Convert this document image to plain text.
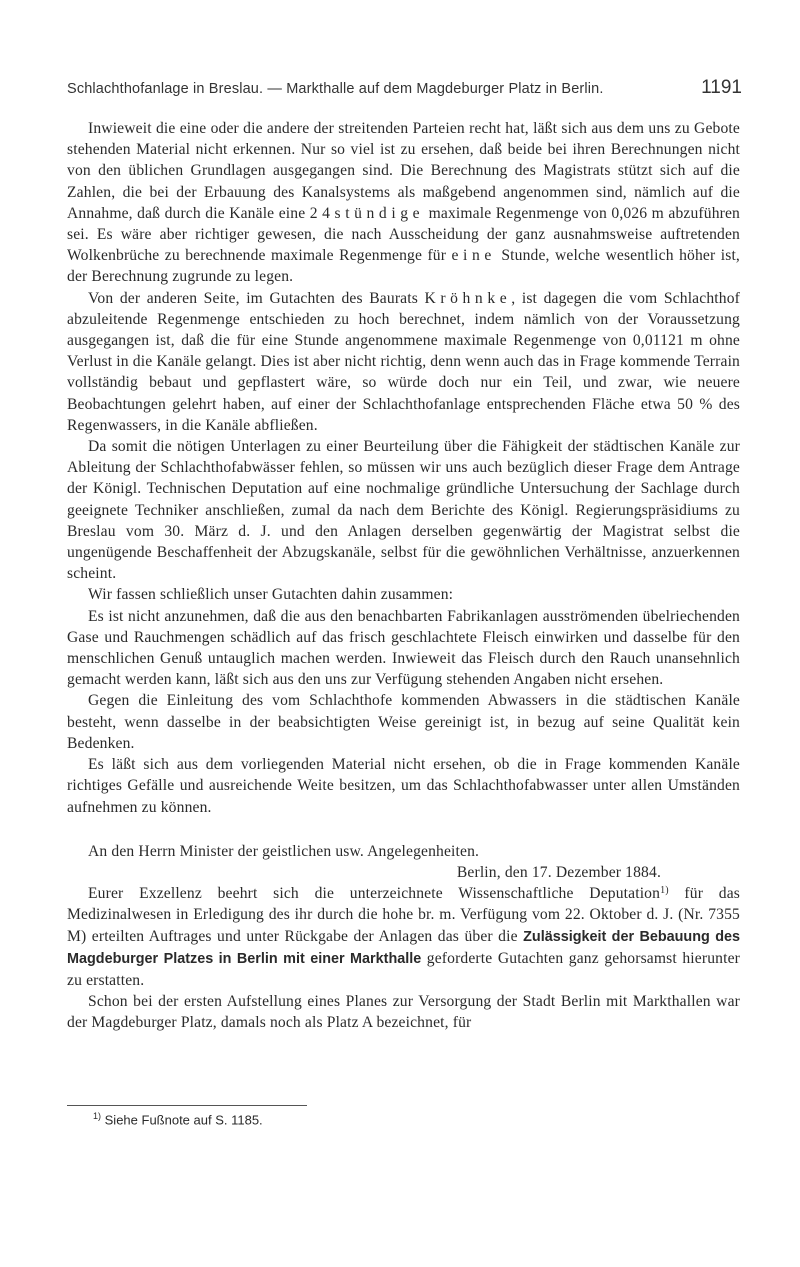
Schlachthofanlage in Breslau. — Markthalle auf dem Magdeburger Platz in Berlin.	1191

Inwieweit die eine oder die andere der streitenden Parteien recht hat, läßt sich aus dem uns zu Gebote stehenden Material nicht erkennen. Nur so viel ist zu ersehen, daß beide bei ihren Berechnungen nicht von den üblichen Grundlagen ausgegangen sind. Die Berechnung des Magistrats stützt sich auf die Zahlen, die bei der Erbauung des Kanalsystems als maßgebend angenommen sind, nämlich auf die Annahme, daß durch die Kanäle eine 24stündige maximale Regenmenge von 0,026 m abzuführen sei. Es wäre aber richtiger gewesen, die nach Ausscheidung der ganz ausnahmsweise auftretenden Wolkenbrüche zu berechnende maximale Regenmenge für eine Stunde, welche wesentlich höher ist, der Berechnung zugrunde zu legen.

Von der anderen Seite, im Gutachten des Baurats Kröhnke, ist dagegen die vom Schlachthof abzuleitende Regenmenge entschieden zu hoch berechnet, indem nämlich von der Voraussetzung ausgegangen ist, daß die für eine Stunde angenommene maximale Regenmenge von 0,01121 m ohne Verlust in die Kanäle gelangt. Dies ist aber nicht richtig, denn wenn auch das in Frage kommende Terrain vollständig bebaut und gepflastert wäre, so würde doch nur ein Teil, und zwar, wie neuere Beobachtungen gelehrt haben, auf einer der Schlachthofanlage entsprechenden Fläche etwa 50 % des Regenwassers, in die Kanäle abfließen.

Da somit die nötigen Unterlagen zu einer Beurteilung über die Fähigkeit der städtischen Kanäle zur Ableitung der Schlachthofabwässer fehlen, so müssen wir uns auch bezüglich dieser Frage dem Antrage der Königl. Technischen Deputation auf eine nochmalige gründliche Untersuchung der Sachlage durch geeignete Techniker anschließen, zumal da nach dem Berichte des Königl. Regierungspräsidiums zu Breslau vom 30. März d. J. und den Anlagen derselben gegenwärtig der Magistrat selbst die ungenügende Beschaffenheit der Abzugskanäle, selbst für die gewöhnlichen Verhältnisse, anzuerkennen scheint.

Wir fassen schließlich unser Gutachten dahin zusammen:

Es ist nicht anzunehmen, daß die aus den benachbarten Fabrikanlagen ausströmenden übelriechenden Gase und Rauchmengen schädlich auf das frisch geschlachtete Fleisch einwirken und dasselbe für den menschlichen Genuß untauglich machen werden. Inwieweit das Fleisch durch den Rauch unansehnlich gemacht werden kann, läßt sich aus den uns zur Verfügung stehenden Angaben nicht ersehen.

Gegen die Einleitung des vom Schlachthofe kommenden Abwassers in die städtischen Kanäle besteht, wenn dasselbe in der beabsichtigten Weise gereinigt ist, in bezug auf seine Qualität kein Bedenken.

Es läßt sich aus dem vorliegenden Material nicht ersehen, ob die in Frage kommenden Kanäle richtiges Gefälle und ausreichende Weite besitzen, um das Schlachthofabwasser unter allen Umständen aufnehmen zu können.

An den Herrn Minister der geistlichen usw. Angelegenheiten.

Berlin, den 17. Dezember 1884.

Eurer Exzellenz beehrt sich die unterzeichnete Wissenschaftliche Deputation$^{1)}$ für das Medizinalwesen in Erledigung des ihr durch die hohe br. m. Verfügung vom 22. Oktober d. J. (Nr. 7355 M) erteilten Auftrages und unter Rückgabe der Anlagen das über die Zulässigkeit der Bebauung des Magdeburger Platzes in Berlin mit einer Markthalle geforderte Gutachten ganz gehorsamst hierunter zu erstatten.

Schon bei der ersten Aufstellung eines Planes zur Versorgung der Stadt Berlin mit Markthallen war der Magdeburger Platz, damals noch als Platz A bezeichnet, für

$^{1)}$ Siehe Fußnote auf S. 1185.
